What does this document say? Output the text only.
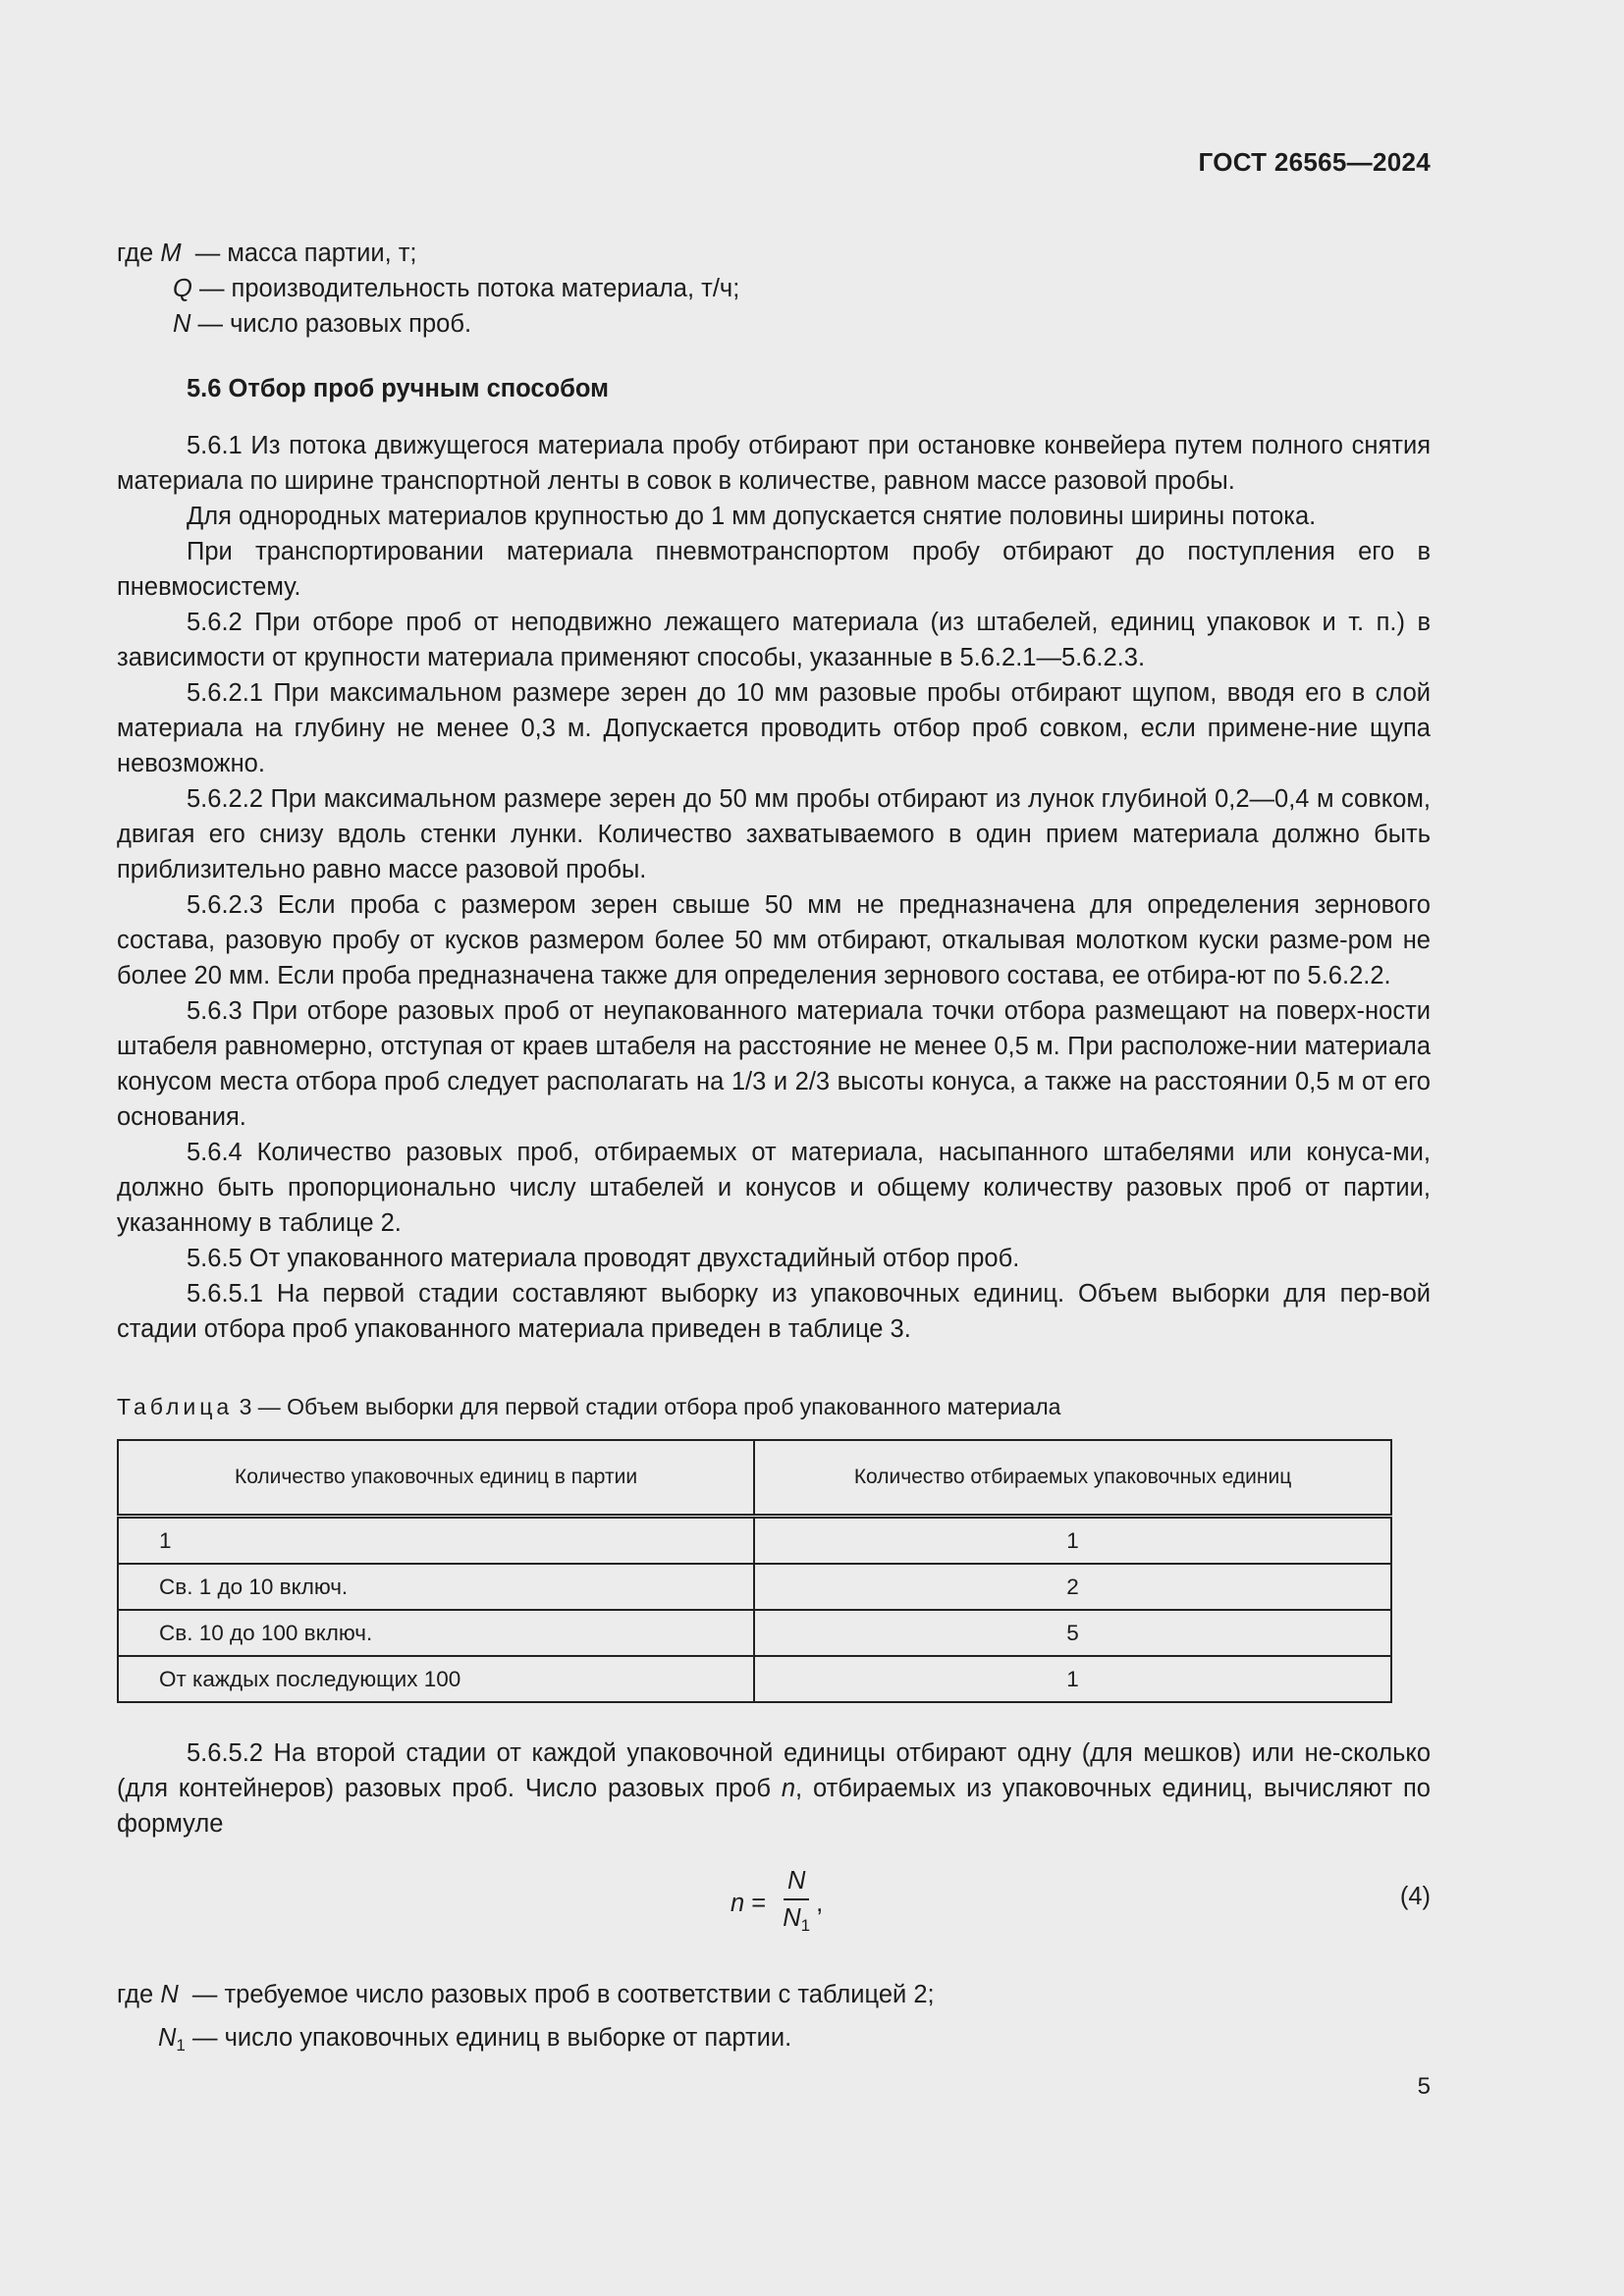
ГОСТ 26565—2024
где M — масса партии, т;
Q — производительность потока материала, т/ч;
N — число разовых проб.
5.6 Отбор проб ручным способом

5.6.1 Из потока движущегося материала пробу отбирают при остановке конвейера путем полного снятия материала по ширине транспортной ленты в совок в количестве, равном массе разовой пробы.

Для однородных материалов крупностью до 1 мм допускается снятие половины ширины потока.

При транспортировании материала пневмотранспортом пробу отбирают до поступления его в пневмосистему.

5.6.2 При отборе проб от неподвижно лежащего материала (из штабелей, единиц упаковок и т. п.) в зависимости от крупности материала применяют способы, указанные в 5.6.2.1—5.6.2.3.

5.6.2.1 При максимальном размере зерен до 10 мм разовые пробы отбирают щупом, вводя его в слой материала на глубину не менее 0,3 м. Допускается проводить отбор проб совком, если примене-ние щупа невозможно.

5.6.2.2 При максимальном размере зерен до 50 мм пробы отбирают из лунок глубиной 0,2—0,4 м совком, двигая его снизу вдоль стенки лунки. Количество захватываемого в один прием материала должно быть приблизительно равно массе разовой пробы.

5.6.2.3 Если проба с размером зерен свыше 50 мм не предназначена для определения зернового состава, разовую пробу от кусков размером более 50 мм отбирают, откалывая молотком куски разме-ром не более 20 мм. Если проба предназначена также для определения зернового состава, ее отбира-ют по 5.6.2.2.

5.6.3 При отборе разовых проб от неупакованного материала точки отбора размещают на поверх-ности штабеля равномерно, отступая от краев штабеля на расстояние не менее 0,5 м. При расположе-нии материала конусом места отбора проб следует располагать на 1/3 и 2/3 высоты конуса, а также на расстоянии 0,5 м от его основания.

5.6.4 Количество разовых проб, отбираемых от материала, насыпанного штабелями или конуса-ми, должно быть пропорционально числу штабелей и конусов и общему количеству разовых проб от партии, указанному в таблице 2.

5.6.5 От упакованного материала проводят двухстадийный отбор проб.

5.6.5.1 На первой стадии составляют выборку из упаковочных единиц. Объем выборки для пер-вой стадии отбора проб упакованного материала приведен в таблице 3.

Таблица 3 — Объем выборки для первой стадии отбора проб упакованного материала
Количество упаковочных единиц в партии	Количество отбираемых упаковочных единиц
1	1
Св. 1 до 10 включ.	2
Св. 10 до 100 включ.	5
От каждых последующих 100	1

5.6.5.2 На второй стадии от каждой упаковочной единицы отбирают одну (для мешков) или не-сколько (для контейнеров) разовых проб. Число разовых проб n, отбираемых из упаковочных единиц, вычисляют по формуле

$n = \frac{N}{N_1}$ ,	(4)
где N — требуемое число разовых проб в соответствии с таблицей 2;
$N_1$ — число упаковочных единиц в выборке от партии.
5
